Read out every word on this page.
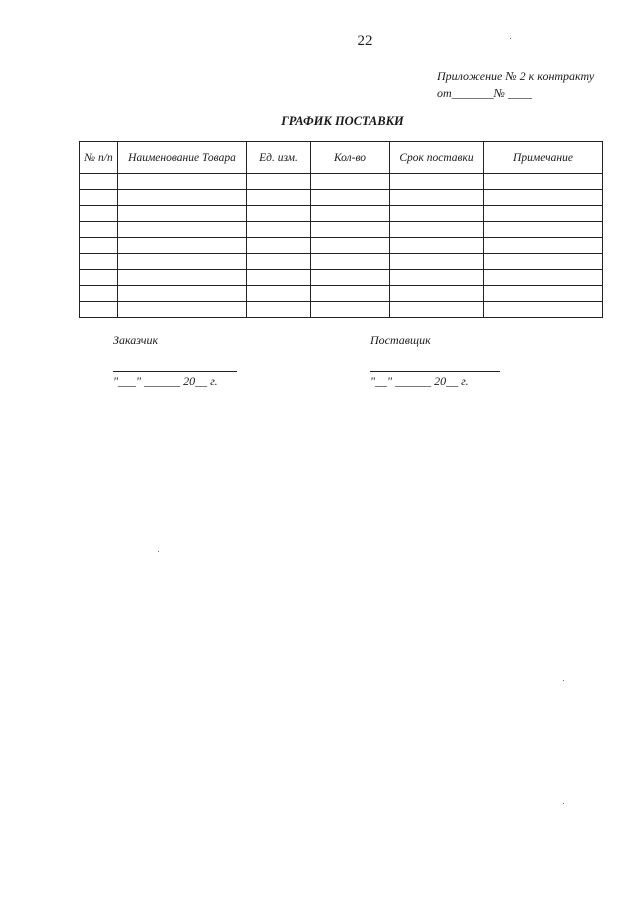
22
Приложение № 2 к контракту
от_______№ ____
ГРАФИК ПОСТАВКИ
№ п/п	Наименование Товара	Ед. изм.	Кол-во	Срок поставки	Примечание

Заказчик
"___" ______ 20__ г.
Поставщик
"__" ______ 20__ г.
